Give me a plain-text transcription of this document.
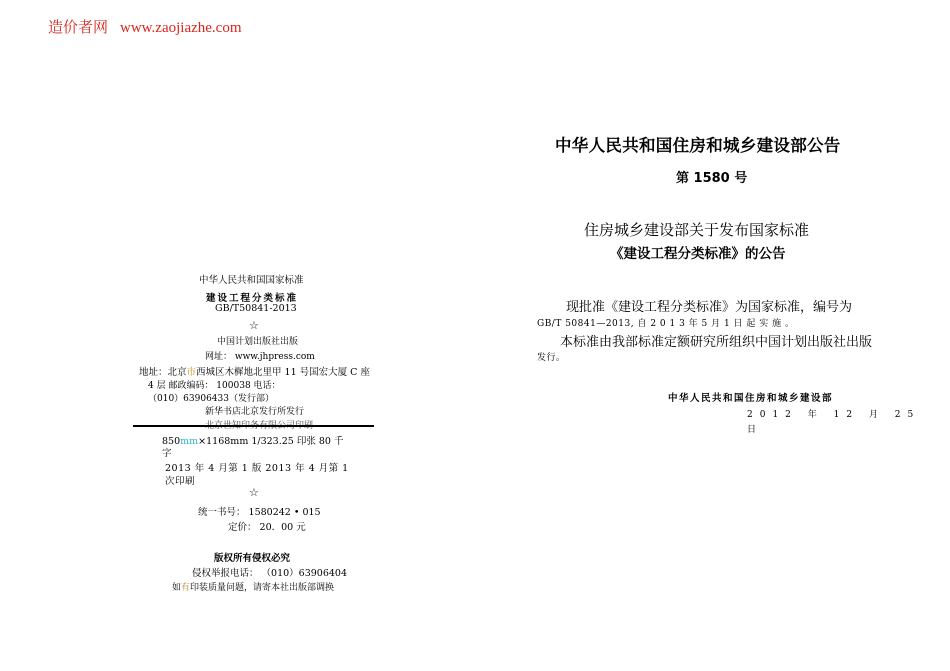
造价者网 www.zaojiazhe.com
中华人民共和国国家标准
建设工程分类标准
GB/T50841-2013
☆
中国计划出版社出版
网址： www.jhpress.com
地址：北京市西城区木樨地北里甲 11 号国宏大厦 C 座
4 层 邮政编码： 100038 电话：
（010）63906433（发行部）
新华书店北京发行所发行
北京世知印务有限公司印刷
850mm×1168mm 1/323.25 印张 80 千
字
2013 年 4 月第 1 版 2013 年 4 月第 1
次印刷
☆
统一书号： 1580242 • 015
定价： 20．00 元
版权所有侵权必究
侵权举报电话： （010）63906404
如有印装质量问题，请寄本社出版部调换
中华人民共和国住房和城乡建设部公告
第 1580 号
住房城乡建设部关于发布国家标准
《建设工程分类标准》的公告
现批准《建设工程分类标准》为国家标准，编号为
GB/T 50841—2013, 自 2 0 1 3 年 5 月 1 日 起 实 施 。
本标准由我部标准定额研究所组织中国计划出版社出版
发行。
中华人民共和国住房和城乡建设部
2012 年 12 月 25
日
